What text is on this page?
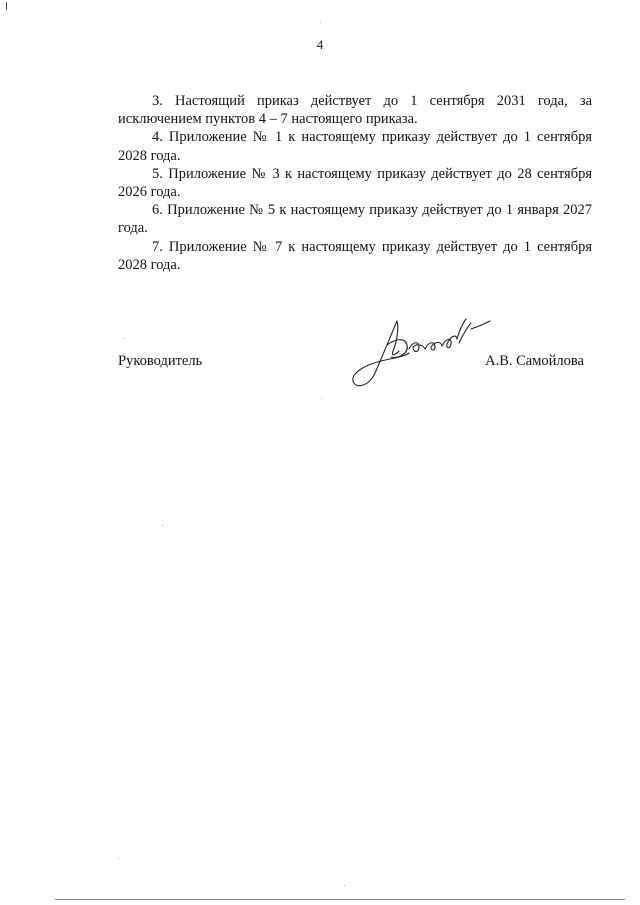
4

3. Настоящий приказ действует до 1 сентября 2031 года, за исключением пунктов 4 – 7 настоящего приказа.

4. Приложение № 1 к настоящему приказу действует до 1 сентября 2028 года.

5. Приложение № 3 к настоящему приказу действует до 28 сентября 2026 года.

6. Приложение № 5 к настоящему приказу действует до 1 января 2027 года.

7. Приложение № 7 к настоящему приказу действует до 1 сентября 2028 года.

Руководитель	А.В. Самойлова
